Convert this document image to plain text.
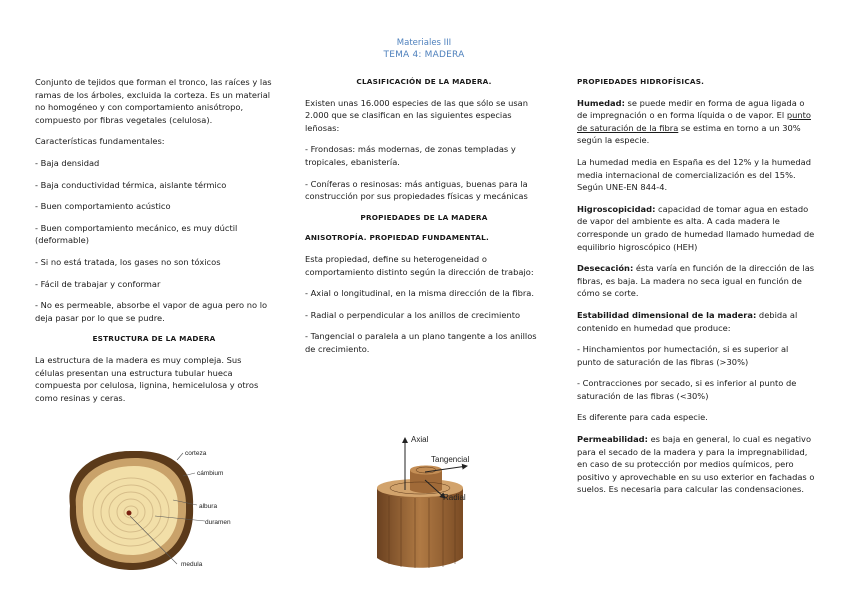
Materiales III
TEMA 4: MADERA

Conjunto de tejidos que forman el tronco, las raíces y las ramas de los árboles, excluida la corteza. Es un material no homogéneo y con comportamiento anisótropo, compuesto por fibras vegetales (celulosa).

Características fundamentales:

- Baja densidad

- Baja conductividad térmica, aislante térmico

- Buen comportamiento acústico

- Buen comportamiento mecánico, es muy dúctil (deformable)

- Si no está tratada, los gases no son tóxicos

- Fácil de trabajar y conformar

- No es permeable, absorbe el vapor de agua pero no lo deja pasar por lo que se pudre.

ESTRUCTURA DE LA MADERA

La estructura de la madera es muy compleja. Sus células presentan una estructura tubular hueca compuesta por celulosa, lignina, hemicelulosa y otros como resinas y ceras.

corteza
cámbium
albura
duramen
medula
CLASIFICACIÓN DE LA MADERA.

Existen unas 16.000 especies de las que sólo se usan 2.000 que se clasifican en las siguientes especias leñosas:

- Frondosas: más modernas, de zonas templadas y tropicales, ebanistería.

- Coníferas o resinosas: más antiguas, buenas para la construcción por sus propiedades físicas y mecánicas

PROPIEDADES DE LA MADERA
ANISOTROPÍA. PROPIEDAD FUNDAMENTAL.

Esta propiedad, define su heterogeneidad o comportamiento distinto según la dirección de trabajo:

- Axial o longitudinal, en la misma dirección de la fibra.

- Radial o perpendicular a los anillos de crecimiento

- Tangencial o paralela a un plano tangente a los anillos de crecimiento.

Axial
Tangencial
Radial
PROPIEDADES HIDROFÍSICAS.

Humedad: se puede medir en forma de agua ligada o de impregnación o en forma líquida o de vapor. El punto de saturación de la fibra se estima en torno a un 30% según la especie.

La humedad media en España es del 12% y la humedad media internacional de comercialización es del 15%. Según UNE-EN 844-4.

Higroscopicidad: capacidad de tomar agua en estado de vapor del ambiente es alta. A cada madera le corresponde un grado de humedad llamado humedad de equilibrio higroscópico (HEH)

Desecación: ésta varía en función de la dirección de las fibras, es baja. La madera no seca igual en función de cómo se corte.

Estabilidad dimensional de la madera: debida al contenido en humedad que produce:

- Hinchamientos por humectación, si es superior al punto de saturación de las fibras (>30%)

- Contracciones por secado, si es inferior al punto de saturación de las fibras (<30%)

Es diferente para cada especie.

Permeabilidad: es baja en general, lo cual es negativo para el secado de la madera y para la impregnabilidad, en caso de su protección por medios químicos, pero positivo y aprovechable en su uso exterior en fachadas o suelos. Es necesaria para calcular las condensaciones.
